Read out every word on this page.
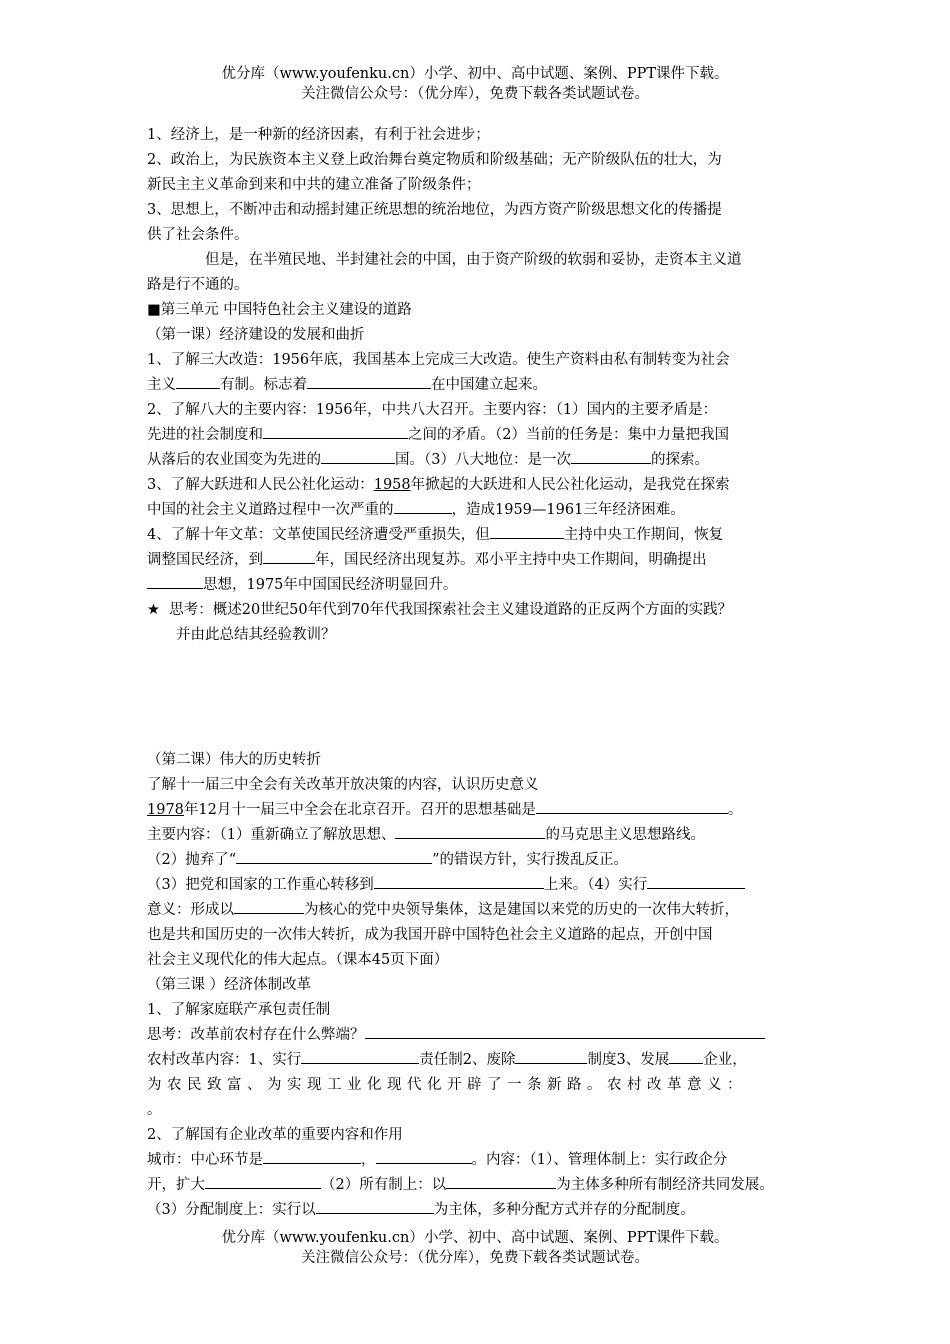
优分库（www.youfenku.cn）小学、初中、高中试题、案例、PPT课件下载。
关注微信公众号：（优分库），免费下载各类试题试卷。
1、经济上，是一种新的经济因素，有利于社会进步；
2、政治上，为民族资本主义登上政治舞台奠定物质和阶级基础；无产阶级队伍的壮大，为
新民主主义革命到来和中共的建立准备了阶级条件；
3、思想上，不断冲击和动摇封建正统思想的统治地位，为西方资产阶级思想文化的传播提
供了社会条件。
但是，在半殖民地、半封建社会的中国，由于资产阶级的软弱和妥协，走资本主义道
路是行不通的。
■第三单元 中国特色社会主义建设的道路
（第一课）经济建设的发展和曲折
1、了解三大改造：1956年底，我国基本上完成三大改造。使生产资料由私有制转变为社会
主义	有制。标志着	在中国建立起来。
2、了解八大的主要内容：1956年，中共八大召开。主要内容：（1）国内的主要矛盾是：
先进的社会制度和	之间的矛盾。（2）当前的任务是：集中力量把我国
从落后的农业国变为先进的	国。（3）八大地位：是一次	的探索。
3、了解大跃进和人民公社化运动：1958年掀起的大跃进和人民公社化运动，是我党在探索
中国的社会主义道路过程中一次严重的	，造成1959—1961三年经济困难。
4、了解十年文革：文革使国民经济遭受严重损失，但	主持中央工作期间，恢复
调整国民经济，到	年，国民经济出现复苏。邓小平主持中央工作期间，明确提出
思想，1975年中国国民经济明显回升。
★ 思考：概述20世纪50年代到70年代我国探索社会主义建设道路的正反两个方面的实践？
并由此总结其经验教训？
（第二课）伟大的历史转折
了解十一届三中全会有关改革开放决策的内容，认识历史意义
1978年12月十一届三中全会在北京召开。召开的思想基础是	。
主要内容：（1）重新确立了解放思想、	的马克思主义思想路线。
（2）抛弃了“	”的错误方针，实行拨乱反正。
（3）把党和国家的工作重心转移到	上来。（4）实行
意义：形成以	为核心的党中央领导集体，这是建国以来党的历史的一次伟大转折，
也是共和国历史的一次伟大转折，成为我国开辟中国特色社会主义道路的起点，开创中国
社会主义现代化的伟大起点。（课本45页下面）
（第三课 ）经济体制改革
1、了解家庭联产承包责任制
思考：改革前农村存在什么弊端？
农村改革内容：1、实行	责任制2、废除	制度3、发展 企业，
为农民致富、为实现工业化现代化开辟了一条新路。农村改革意义：
。
2、了解国有企业改革的重要内容和作用
城市：中心环节是	，	。内容：（1）、管理体制上：实行政企分
开，扩大	（2）所有制上：以	为主体多种所有制经济共同发展。
（3）分配制度上：实行以	为主体，多种分配方式并存的分配制度。
优分库（www.youfenku.cn）小学、初中、高中试题、案例、PPT课件下载。
关注微信公众号：（优分库），免费下载各类试题试卷。
